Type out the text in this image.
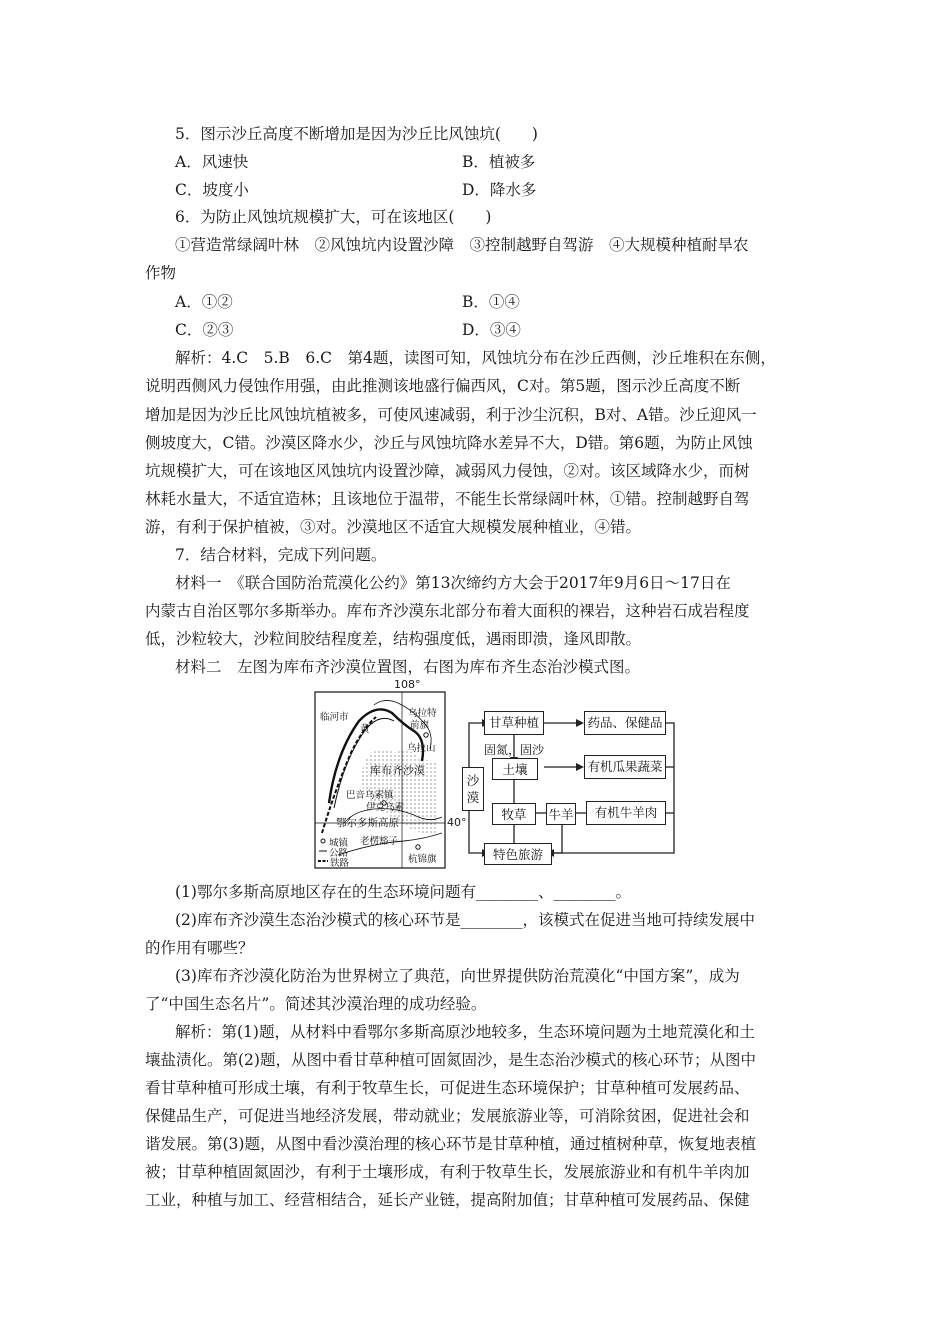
5．图示沙丘高度不断增加是因为沙丘比风蚀坑(　　)
A．风速快	B．植被多
C．坡度小	D．降水多
6．为防止风蚀坑规模扩大，可在该地区(　　)
①营造常绿阔叶林　②风蚀坑内设置沙障　③控制越野自驾游　④大规模种植耐旱农
作物
A．①②	B．①④
C．②③	D．③④
解析：4.C　5.B　6.C　第4题，读图可知，风蚀坑分布在沙丘西侧，沙丘堆积在东侧，
说明西侧风力侵蚀作用强，由此推测该地盛行偏西风，C对。第5题，图示沙丘高度不断
增加是因为沙丘比风蚀坑植被多，可使风速减弱，利于沙尘沉积，B对、A错。沙丘迎风一
侧坡度大，C错。沙漠区降水少，沙丘与风蚀坑降水差异不大，D错。第6题，为防止风蚀
坑规模扩大，可在该地区风蚀坑内设置沙障，减弱风力侵蚀，②对。该区域降水少，而树
林耗水量大，不适宜造林；且该地位于温带，不能生长常绿阔叶林，①错。控制越野自驾
游，有利于保护植被，③对。沙漠地区不适宜大规模发展种植业，④错。
7．结合材料，完成下列问题。
材料一　《联合国防治荒漠化公约》第13次缔约方大会于2017年9月6日～17日在
内蒙古自治区鄂尔多斯举办。库布齐沙漠东北部分布着大面积的裸岩，这种岩石成岩程度
低，沙粒较大，沙粒间胶结程度差，结构强度低，遇雨即溃，逢风即散。
材料二　左图为库布齐沙漠位置图，右图为库布齐生态治沙模式图。
108°
40°
临河市	乌拉特
前旗
黄
乌拉山
库布齐沙漠
巴音乌素镇
伊克乌素
鄂尔多斯高原
老楞豁子
杭锦旗
城镇
公路
铁路
沙漠
甘草种植	药品、保健品
固氮，固沙
土壤	有机瓜果蔬菜
牧草	牛羊	有机牛羊肉
特色旅游
(1)鄂尔多斯高原地区存在的生态环境问题有________、________。
(2)库布齐沙漠生态治沙模式的核心环节是________，该模式在促进当地可持续发展中
的作用有哪些？
(3)库布齐沙漠化防治为世界树立了典范，向世界提供防治荒漠化“中国方案”，成为
了“中国生态名片”。简述其沙漠治理的成功经验。
解析：第(1)题，从材料中看鄂尔多斯高原沙地较多，生态环境问题为土地荒漠化和土
壤盐渍化。第(2)题，从图中看甘草种植可固氮固沙，是生态治沙模式的核心环节；从图中
看甘草种植可形成土壤，有利于牧草生长，可促进生态环境保护；甘草种植可发展药品、
保健品生产，可促进当地经济发展，带动就业；发展旅游业等，可消除贫困，促进社会和
谐发展。第(3)题，从图中看沙漠治理的核心环节是甘草种植，通过植树种草，恢复地表植
被；甘草种植固氮固沙，有利于土壤形成，有利于牧草生长，发展旅游业和有机牛羊肉加
工业，种植与加工、经营相结合，延长产业链，提高附加值；甘草种植可发展药品、保健
